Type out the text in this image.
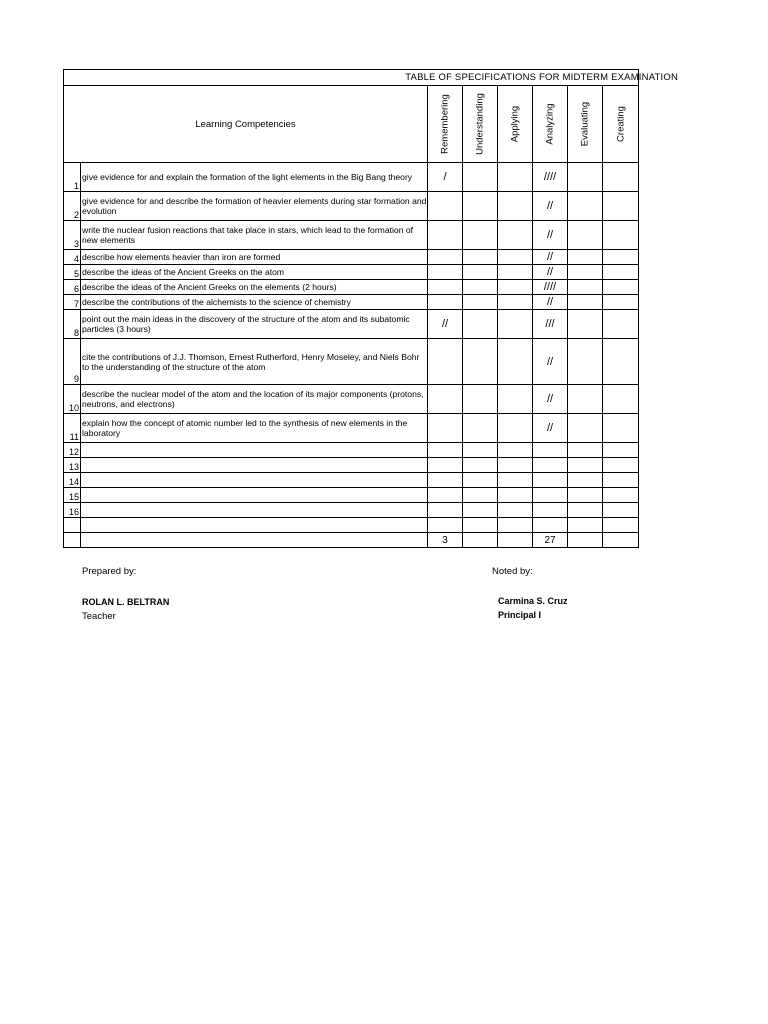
TABLE OF SPECIFICATIONS FOR MIDTERM EXAMINATION							
Learning Competencies		Remembering	Understanding	Applying	Analyzing	Evaluating	Creating

1	give evidence for and explain the formation of the light elements in the Big Bang theory	/			////		
2	give evidence for and describe the formation of heavier elements during star formation and evolution				//		
3	write the nuclear fusion reactions that take place in stars, which lead to the formation of new elements				//		
4	describe how elements heavier than iron are formed				//		
5	describe the ideas of the Ancient Greeks on the atom				//		
6	describe the ideas of the Ancient Greeks on the elements (2 hours)				////		
7	describe the contributions of the alchemists to the science of chemistry				//		
8	point out the main ideas in the discovery of the structure of the atom and its subatomic particles (3 hours)	//			///		
9	cite the contributions of J.J. Thomson, Ernest Rutherford, Henry Moseley, and Niels Bohr to the understanding of the structure of the atom				//		
10	describe the nuclear model of the atom and the location of its major components (protons, neutrons, and electrons)				//		
11	explain how the concept of atomic number led to the synthesis of new elements in the laboratory				//		
12							
13							
14							
15							
16							

		3			27		
Prepared by:
ROLAN L. BELTRAN
Teacher
Noted by:
Carmina S. Cruz
Principal I
